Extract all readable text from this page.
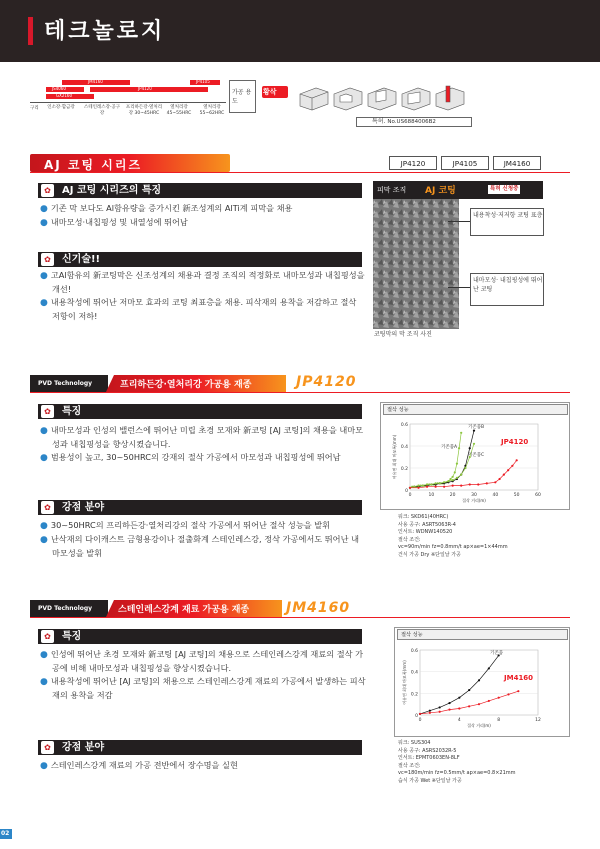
테크놀로지
JM4160
JP4120
JP4105
JS4060
GX2160
구리 인소강·합금강	스테인레스강·공구강
프리하든강·열처리강 30~45HRC
열처리강 45~55HRC
열처리강 55~62HRC
가공 용도
황삭
특허. No.US6884006B2
AJ 코팅 시리즈	JP4120	JP4105	JM4160
✿	AJ 코팅 시리즈의 특징
● 기존 막 보다도 Al함유량을 증가시킨 新조성계의 AlTi계 피막을 채용
● 내마모성·내칩핑성 및 내열성에 뛰어남
✿	신기술!!
● 고Al함유의 新코팅막은 신조성계의 채용과 결정 조직의 적정화로 내마모성과 내칩핑성을 개선!
● 내용착성에 뛰어난 저마모 효과의 코팅 최표층을 채용. 피삭재의 용착을 저감하고 절삭 저항이 저하!
피막 조직 AJ 코팅	특허 신청중
내용착성·저저항 코팅 표층
내마모성· 내칩핑성에 뛰어난 코팅
코팅막의 막 조직 사진
PVD Technology	프리하든강·열처리강 가공용 재종	JP4120
✿	특징
● 내마모성과 인성의 밸런스에 뛰어난 미립 초경 모재와 新코팅 [AJ 코팅]의 채용을 내마모성과 내칩핑성을 향상시켰습니다.
● 범용성이 높고, 30~50HRC의 강재의 절삭 가공에서 마모성과 내칩핑성에 뛰어남
✿	강점 분야
● 30~50HRC의 프리하든강·열처리강의 절삭 가공에서 뛰어난 절삭 성능을 발휘
● 난삭재의 다이캐스트 금형용강이나 절출화계 스테인레스강, 정삭 가공에서도 뛰어난 내마모성을 발휘
절삭 성능
0
0.2
0.4
0.6
0	10	20	30	40	50	60
절삭 거리(m)
여유면 최대 마모폭(mm)	기존품A
기존품B
기존품C
JP4120
워크: SKD61(40HRC)
사용 공구: ASRT5063R-4
인서트: WDNW140520
절삭 조건:
vc=90m/min fz=0.8mm/t ap×ae=1×44mm
건식 가공 Dry ※단일날 가공
PVD Technology	스테인레스강계 재료 가공용 재종	JM4160
✿	특징
● 인성에 뛰어난 초경 모재와 新코팅 [AJ 코팅]의 채용으로 스테인레스강계 재료의 절삭 가공에 비해 내마모성과 내칩핑성을 향상시켰습니다.
● 내용착성에 뛰어난 [AJ 코팅]의 채용으로 스테인레스강계 재료의 가공에서 발생하는 피삭재의 용착을 저감
✿	강점 분야
● 스테인레스강계 재료의 가공 전반에서 장수명을 실현
절삭 성능
0
0.2
0.4
0.6
0	4	8	12
절삭 거리(m)
여유면 최대 마모폭(mm)
기존품
JM4160
워크: SUS304
사용 공구: ASRS2032R-5
인서트: EPMT0603EN-8LF
절삭 조건:
vc=180m/min fz=0.5mm/t ap×ae=0.8×21mm
습식 가공 Wet ※단일날 가공
02
